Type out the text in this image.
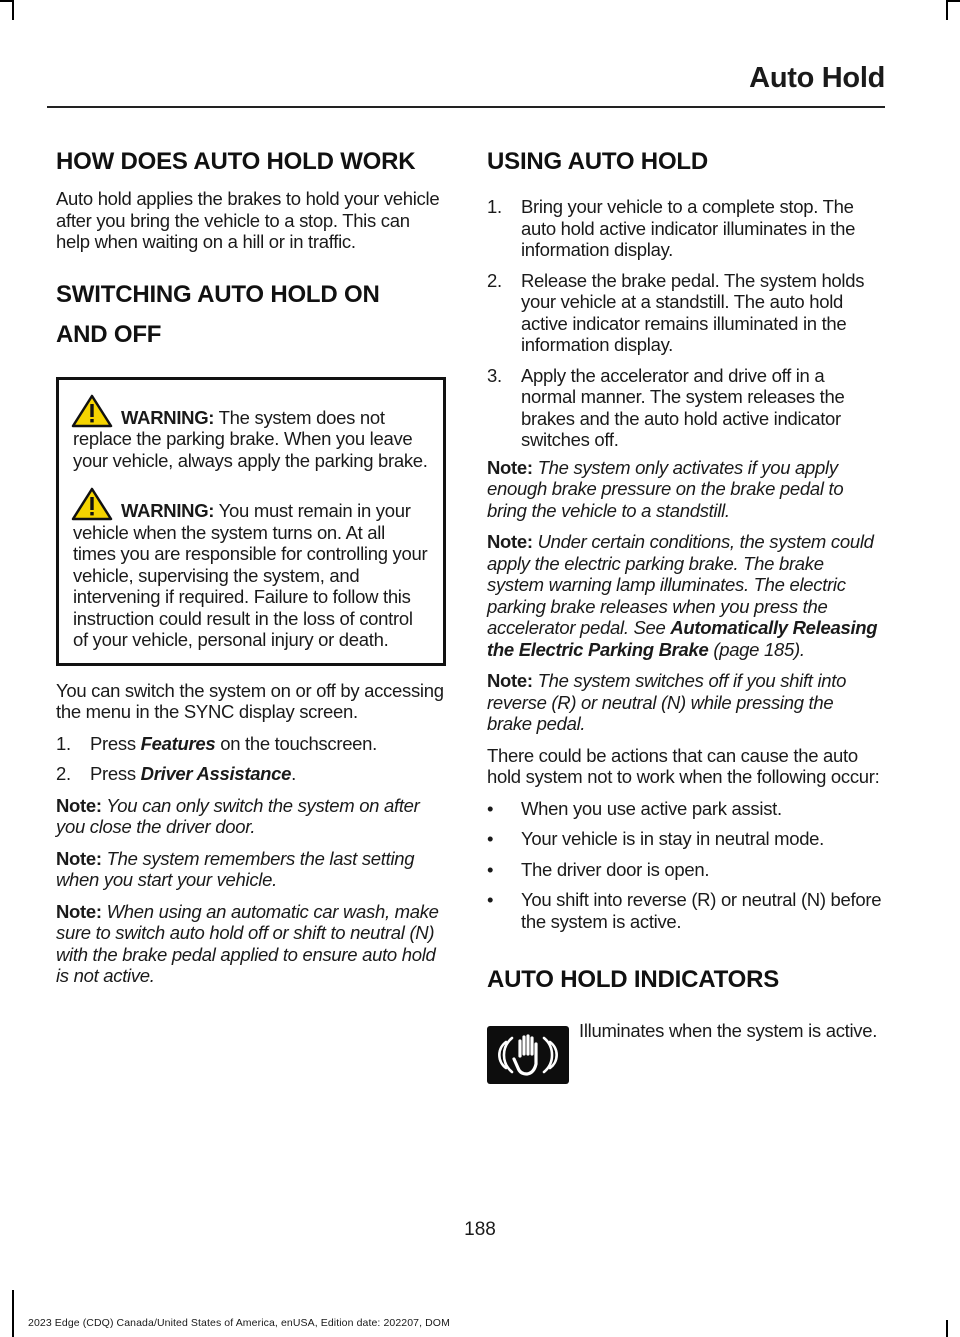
Auto Hold
HOW DOES AUTO HOLD WORK

Auto hold applies the brakes to hold your vehicle after you bring the vehicle to a stop. This can help when waiting on a hill or in traffic.

SWITCHING AUTO HOLD ON
AND OFF

WARNING: The system does not replace the parking brake. When you leave your vehicle, always apply the parking brake.

WARNING: You must remain in your vehicle when the system turns on. At all times you are responsible for controlling your vehicle, supervising the system, and intervening if required. Failure to follow this instruction could result in the loss of control of your vehicle, personal injury or death.

You can switch the system on or off by accessing the menu in the SYNC display screen.

1. Press Features on the touchscreen.
2. Press Driver Assistance.

Note: You can only switch the system on after you close the driver door.

Note: The system remembers the last setting when you start your vehicle.

Note: When using an automatic car wash, make sure to switch auto hold off or shift to neutral (N) with the brake pedal applied to ensure auto hold is not active.

USING AUTO HOLD
1. Bring your vehicle to a complete stop. The auto hold active indicator illuminates in the information display.
2. Release the brake pedal. The system holds your vehicle at a standstill. The auto hold active indicator remains illuminated in the information display.
3. Apply the accelerator and drive off in a normal manner. The system releases the brakes and the auto hold active indicator switches off.

Note: The system only activates if you apply enough brake pressure on the brake pedal to bring the vehicle to a standstill.

Note: Under certain conditions, the system could apply the electric parking brake. The brake system warning lamp illuminates. The electric parking brake releases when you press the accelerator pedal. See Automatically Releasing the Electric Parking Brake (page 185).

Note: The system switches off if you shift into reverse (R) or neutral (N) while pressing the brake pedal.

There could be actions that can cause the auto hold system not to work when the following occur:

• When you use active park assist.
• Your vehicle is in stay in neutral mode.
• The driver door is open.
• You shift into reverse (R) or neutral (N) before the system is active.
AUTO HOLD INDICATORS

Illuminates when the system is active.

188
2023 Edge (CDQ) Canada/United States of America, enUSA, Edition date: 202207, DOM
